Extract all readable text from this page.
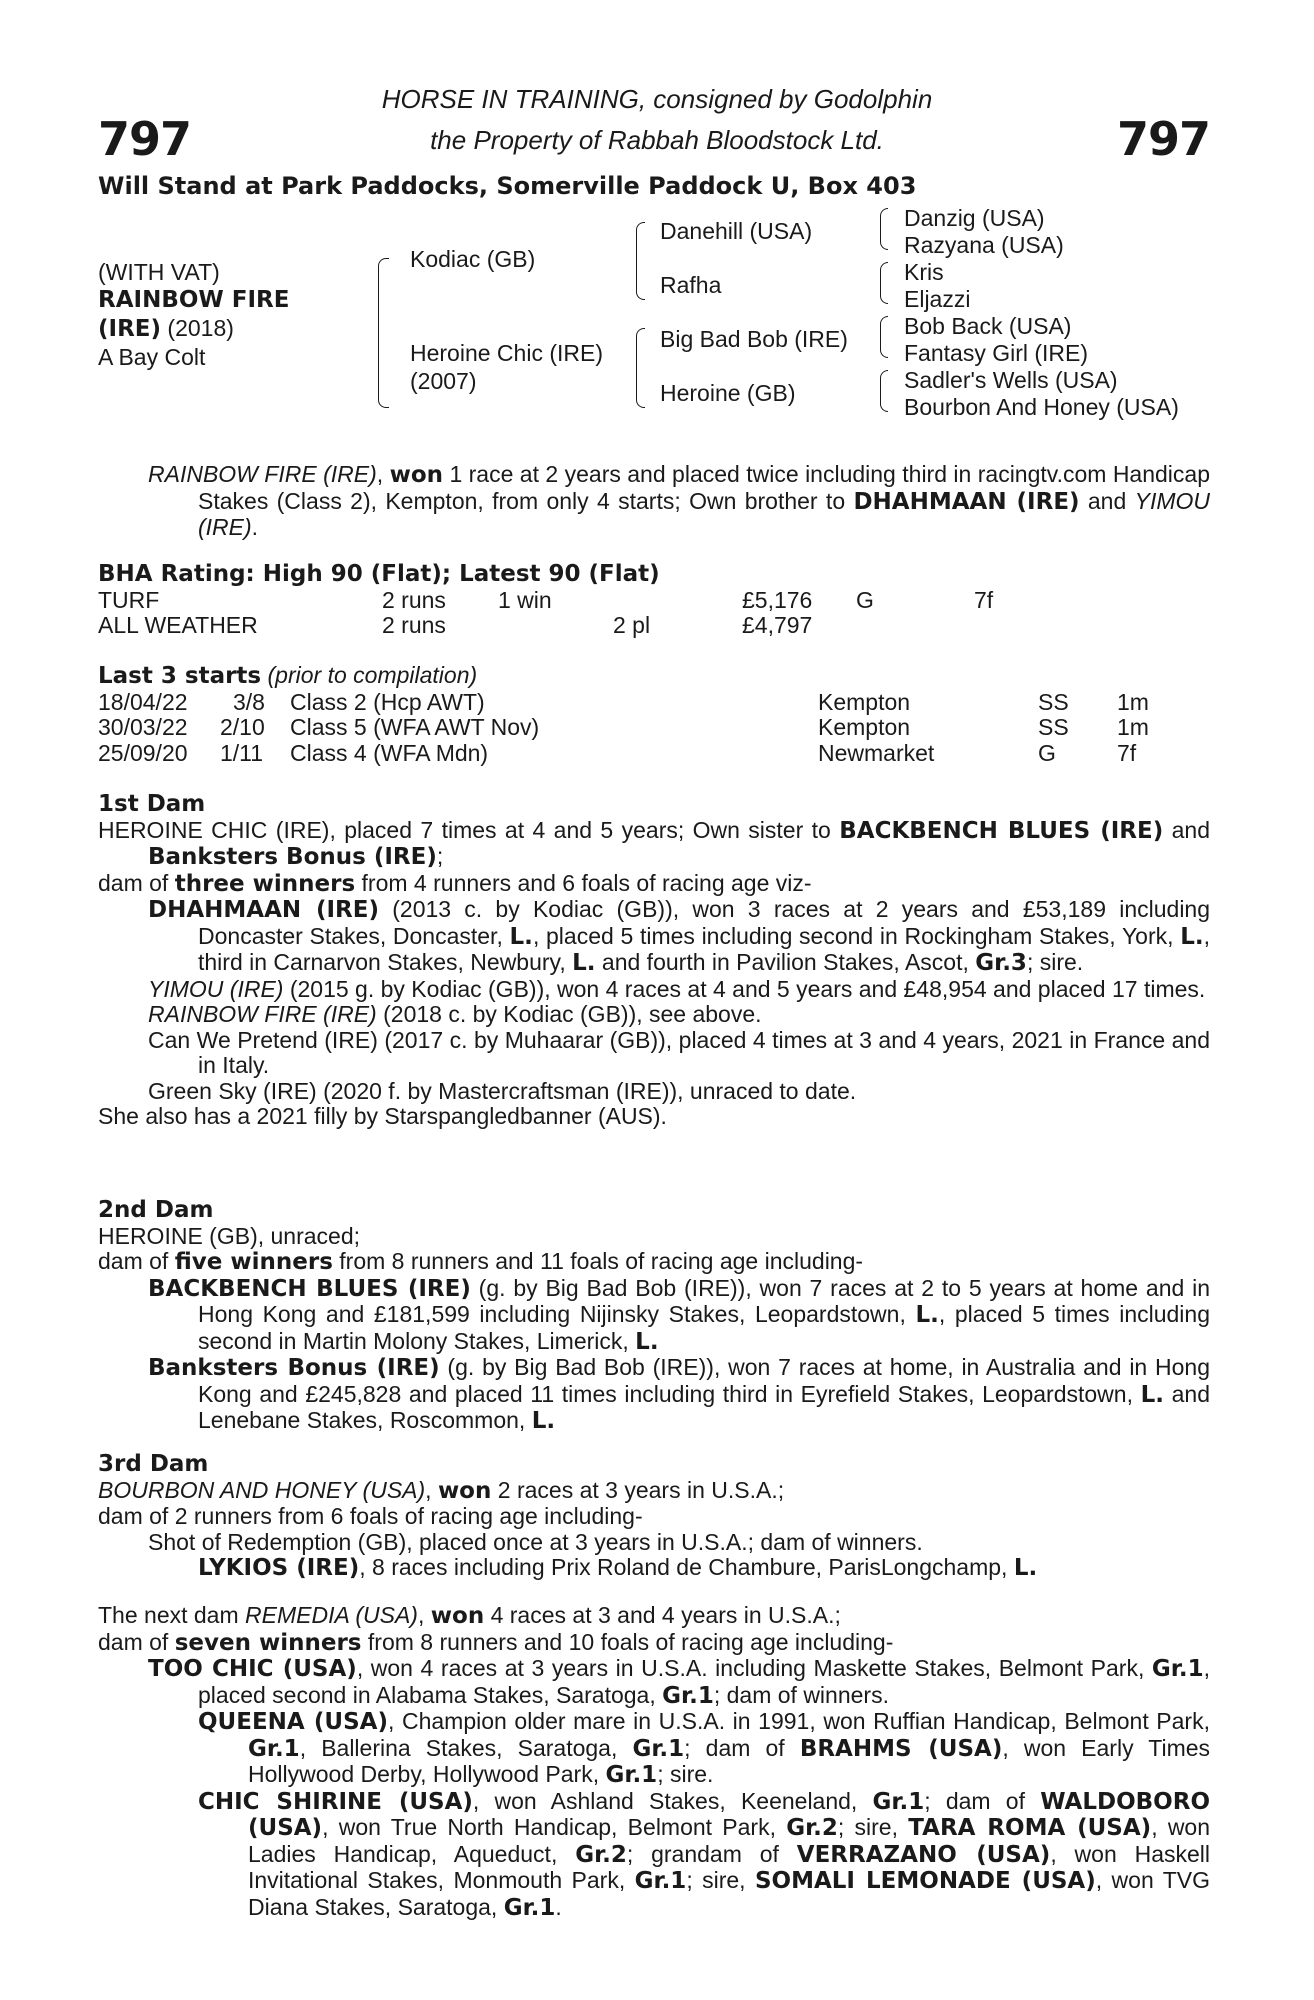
797	797
HORSE IN TRAINING, consigned by Godolphin
the Property of Rabbah Bloodstock Ltd.
Will Stand at Park Paddocks, Somerville Paddock U, Box 403
(WITH VAT)
RAINBOW FIRE
(IRE) (2018)
A Bay Colt
Kodiac (GB)
Heroine Chic (IRE)
(2007)
Danehill (USA)
Rafha
Big Bad Bob (IRE)
Heroine (GB)
Danzig (USA)
Razyana (USA)
Kris
Eljazzi
Bob Back (USA)
Fantasy Girl (IRE)
Sadler's Wells (USA)
Bourbon And Honey (USA)

RAINBOW FIRE (IRE), won 1 race at 2 years and placed twice including third in racingtv.com Handicap Stakes (Class 2), Kempton, from only 4 starts; Own brother to DHAHMAAN (IRE) and YIMOU (IRE).

BHA Rating: High 90 (Flat); Latest 90 (Flat)
TURF	2 runs 1 win	£5,176 G	7f
ALL WEATHER	2 runs	2 pl	£4,797
Last 3 starts (prior to compilation)
18/04/22 3/8 Class 2 (Hcp AWT)	Kempton	SS 1m
30/03/22 2/10 Class 5 (WFA AWT Nov)	Kempton	SS 1m
25/09/20 1/11 Class 4 (WFA Mdn)	Newmarket	G	7f
1st Dam

HEROINE CHIC (IRE), placed 7 times at 4 and 5 years; Own sister to BACKBENCH BLUES (IRE) and Banksters Bonus (IRE);

dam of three winners from 4 runners and 6 foals of racing age viz-

DHAHMAAN (IRE) (2013 c. by Kodiac (GB)), won 3 races at 2 years and £53,189 including Doncaster Stakes, Doncaster, L., placed 5 times including second in Rockingham Stakes, York, L., third in Carnarvon Stakes, Newbury, L. and fourth in Pavilion Stakes, Ascot, Gr.3; sire.

YIMOU (IRE) (2015 g. by Kodiac (GB)), won 4 races at 4 and 5 years and £48,954 and placed 17 times.

RAINBOW FIRE (IRE) (2018 c. by Kodiac (GB)), see above.

Can We Pretend (IRE) (2017 c. by Muhaarar (GB)), placed 4 times at 3 and 4 years, 2021 in France and in Italy.

Green Sky (IRE) (2020 f. by Mastercraftsman (IRE)), unraced to date.

She also has a 2021 filly by Starspangledbanner (AUS).

2nd Dam

HEROINE (GB), unraced;

dam of five winners from 8 runners and 11 foals of racing age including-

BACKBENCH BLUES (IRE) (g. by Big Bad Bob (IRE)), won 7 races at 2 to 5 years at home and in Hong Kong and £181,599 including Nijinsky Stakes, Leopardstown, L., placed 5 times including second in Martin Molony Stakes, Limerick, L.

Banksters Bonus (IRE) (g. by Big Bad Bob (IRE)), won 7 races at home, in Australia and in Hong Kong and £245,828 and placed 11 times including third in Eyrefield Stakes, Leopardstown, L. and Lenebane Stakes, Roscommon, L.

3rd Dam

BOURBON AND HONEY (USA), won 2 races at 3 years in U.S.A.;

dam of 2 runners from 6 foals of racing age including-

Shot of Redemption (GB), placed once at 3 years in U.S.A.; dam of winners.

LYKIOS (IRE), 8 races including Prix Roland de Chambure, ParisLongchamp, L.

The next dam REMEDIA (USA), won 4 races at 3 and 4 years in U.S.A.;

dam of seven winners from 8 runners and 10 foals of racing age including-

TOO CHIC (USA), won 4 races at 3 years in U.S.A. including Maskette Stakes, Belmont Park, Gr.1, placed second in Alabama Stakes, Saratoga, Gr.1; dam of winners.

QUEENA (USA), Champion older mare in U.S.A. in 1991, won Ruffian Handicap, Belmont Park, Gr.1, Ballerina Stakes, Saratoga, Gr.1; dam of BRAHMS (USA), won Early Times Hollywood Derby, Hollywood Park, Gr.1; sire.

CHIC SHIRINE (USA), won Ashland Stakes, Keeneland, Gr.1; dam of WALDOBORO (USA), won True North Handicap, Belmont Park, Gr.2; sire, TARA ROMA (USA), won Ladies Handicap, Aqueduct, Gr.2; grandam of VERRAZANO (USA), won Haskell Invitational Stakes, Monmouth Park, Gr.1; sire, SOMALI LEMONADE (USA), won TVG Diana Stakes, Saratoga, Gr.1.
